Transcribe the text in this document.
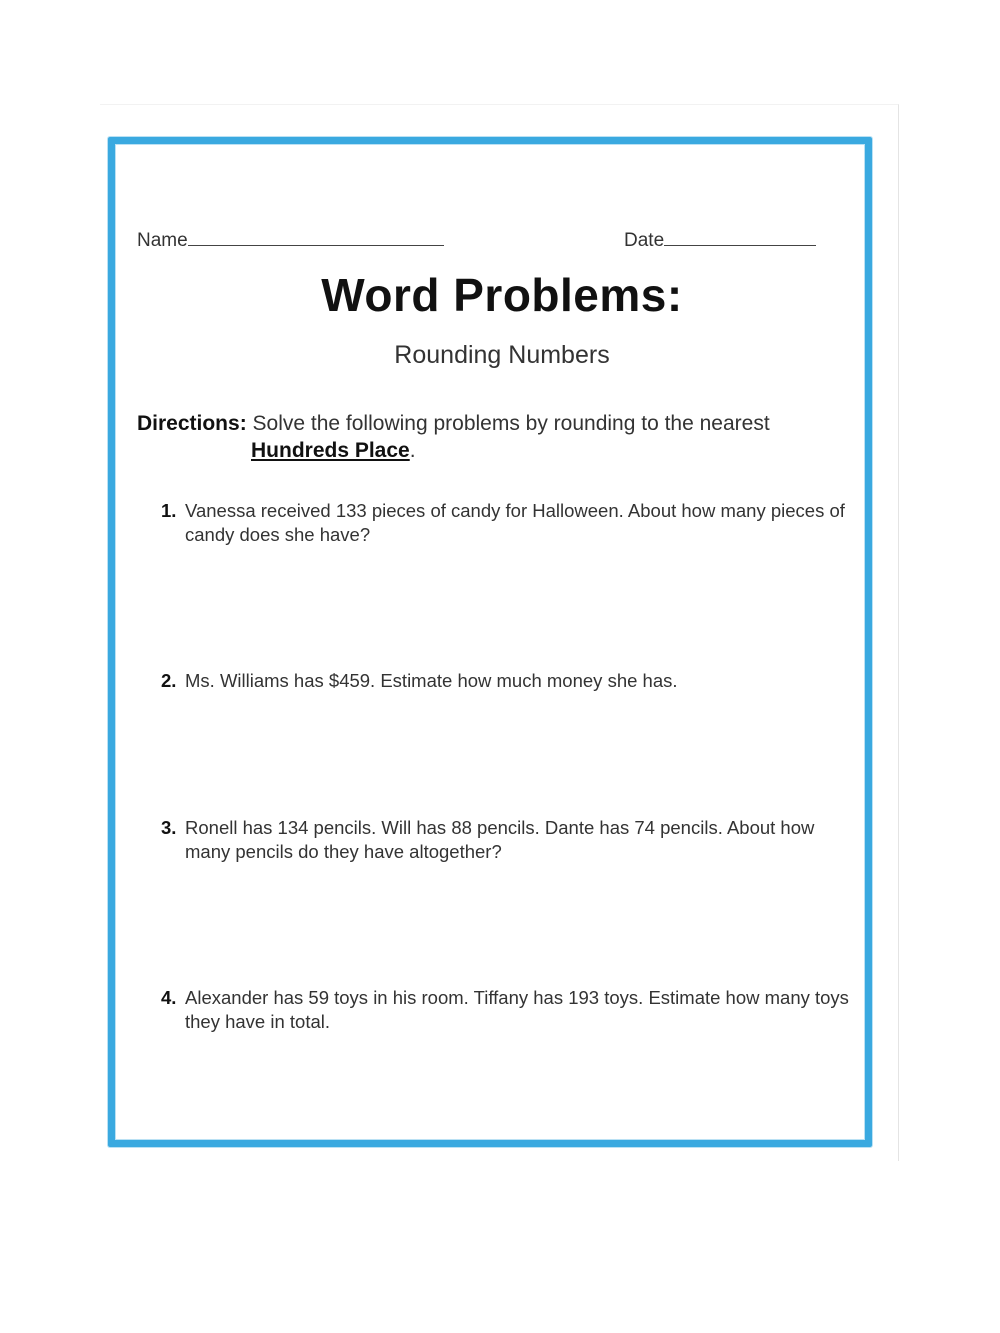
Name	Date
Word Problems:
Rounding Numbers
Directions: Solve the following problems by rounding to the nearest
Hundreds Place.
1. Vanessa received 133 pieces of candy for Halloween. About how many pieces of candy does she have?
2. Ms. Williams has $459. Estimate how much money she has.
3. Ronell has 134 pencils. Will has 88 pencils. Dante has 74 pencils. About how many pencils do they have altogether?
4. Alexander has 59 toys in his room. Tiffany has 193 toys. Estimate how many toys they have in total.
